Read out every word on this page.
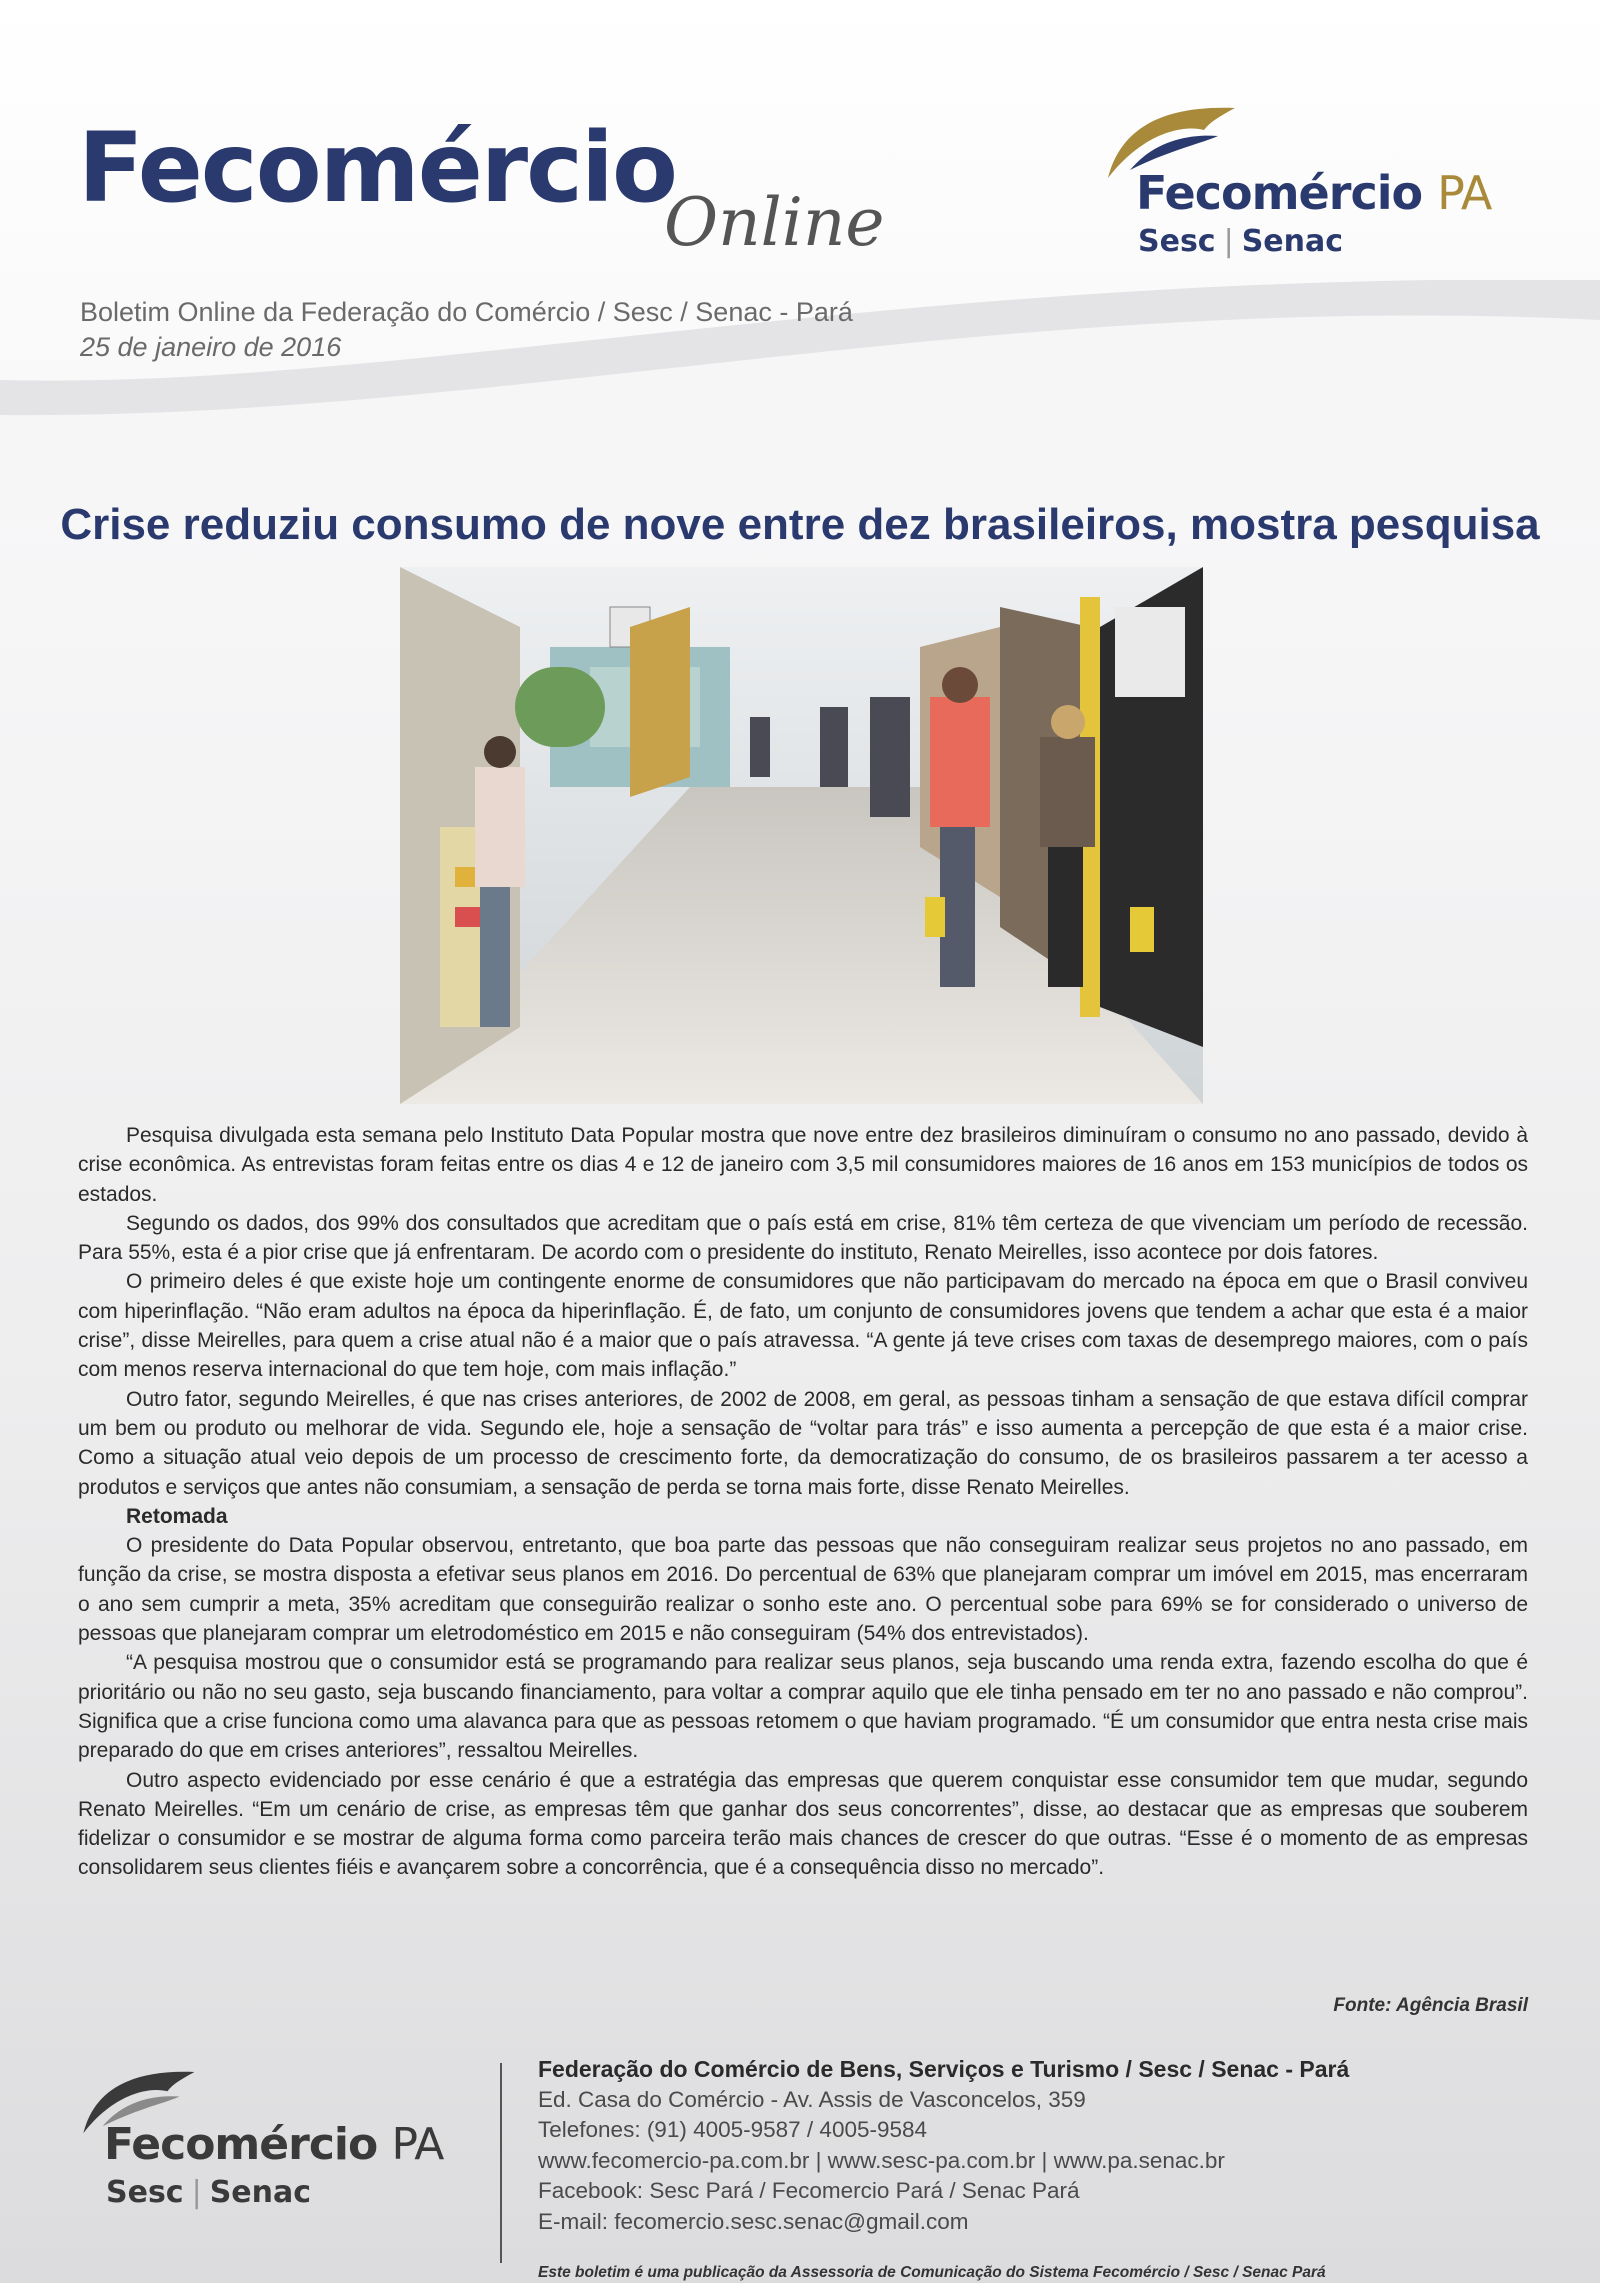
Fecomércio
Online
Boletim Online da Federação do Comércio / Sesc / Senac - Pará
25 de janeiro de 2016
Fecomércio PA
Sesc | Senac
Crise reduziu consumo de nove entre dez brasileiros, mostra pesquisa

Pesquisa divulgada esta semana pelo Instituto Data Popular mostra que nove entre dez brasileiros diminuíram o consumo no ano passado, devido à crise econômica. As entrevistas foram feitas entre os dias 4 e 12 de janeiro com 3,5 mil consumidores maiores de 16 anos em 153 municípios de todos os estados.

Segundo os dados, dos 99% dos consultados que acreditam que o país está em crise, 81% têm certeza de que vivenciam um período de recessão. Para 55%, esta é a pior crise que já enfrentaram. De acordo com o presidente do instituto, Renato Meirelles, isso acontece por dois fatores.

O primeiro deles é que existe hoje um contingente enorme de consumidores que não participavam do mercado na época em que o Brasil conviveu com hiperinflação. “Não eram adultos na época da hiperinflação. É, de fato, um conjunto de consumidores jovens que tendem a achar que esta é a maior crise”, disse Meirelles, para quem a crise atual não é a maior que o país atravessa. “A gente já teve crises com taxas de desemprego maiores, com o país com menos reserva internacional do que tem hoje, com mais inflação.”

Outro fator, segundo Meirelles, é que nas crises anteriores, de 2002 de 2008, em geral, as pessoas tinham a sensação de que estava difícil comprar um bem ou produto ou melhorar de vida. Segundo ele, hoje a sensação de “voltar para trás” e isso aumenta a percepção de que esta é a maior crise. Como a situação atual veio depois de um processo de crescimento forte, da democratização do consumo, de os brasileiros passarem a ter acesso a produtos e serviços que antes não consumiam, a sensação de perda se torna mais forte, disse Renato Meirelles.

Retomada

O presidente do Data Popular observou, entretanto, que boa parte das pessoas que não conseguiram realizar seus projetos no ano passado, em função da crise, se mostra disposta a efetivar seus planos em 2016. Do percentual de 63% que planejaram comprar um imóvel em 2015, mas encerraram o ano sem cumprir a meta, 35% acreditam que conseguirão realizar o sonho este ano. O percentual sobe para 69% se for considerado o universo de pessoas que planejaram comprar um eletrodoméstico em 2015 e não conseguiram (54% dos entrevistados).

“A pesquisa mostrou que o consumidor está se programando para realizar seus planos, seja buscando uma renda extra, fazendo escolha do que é prioritário ou não no seu gasto, seja buscando financiamento, para voltar a comprar aquilo que ele tinha pensado em ter no ano passado e não comprou”. Significa que a crise funciona como uma alavanca para que as pessoas retomem o que haviam programado. “É um consumidor que entra nesta crise mais preparado do que em crises anteriores”, ressaltou Meirelles.

Outro aspecto evidenciado por esse cenário é que a estratégia das empresas que querem conquistar esse consumidor tem que mudar, segundo Renato Meirelles. “Em um cenário de crise, as empresas têm que ganhar dos seus concorrentes”, disse, ao destacar que as empresas que souberem fidelizar o consumidor e se mostrar de alguma forma como parceira terão mais chances de crescer do que outras. “Esse é o momento de as empresas consolidarem seus clientes fiéis e avançarem sobre a concorrência, que é a consequência disso no mercado”.

Fonte: Agência Brasil
Fecomércio PA
Sesc | Senac
Federação do Comércio de Bens, Serviços e Turismo / Sesc / Senac - Pará
Ed. Casa do Comércio - Av. Assis de Vasconcelos, 359
Telefones: (91) 4005-9587 / 4005-9584
www.fecomercio-pa.com.br | www.sesc-pa.com.br | www.pa.senac.br
Facebook: Sesc Pará / Fecomercio Pará / Senac Pará
E-mail: fecomercio.sesc.senac@gmail.com
Este boletim é uma publicação da Assessoria de Comunicação do Sistema Fecomércio / Sesc / Senac Pará
